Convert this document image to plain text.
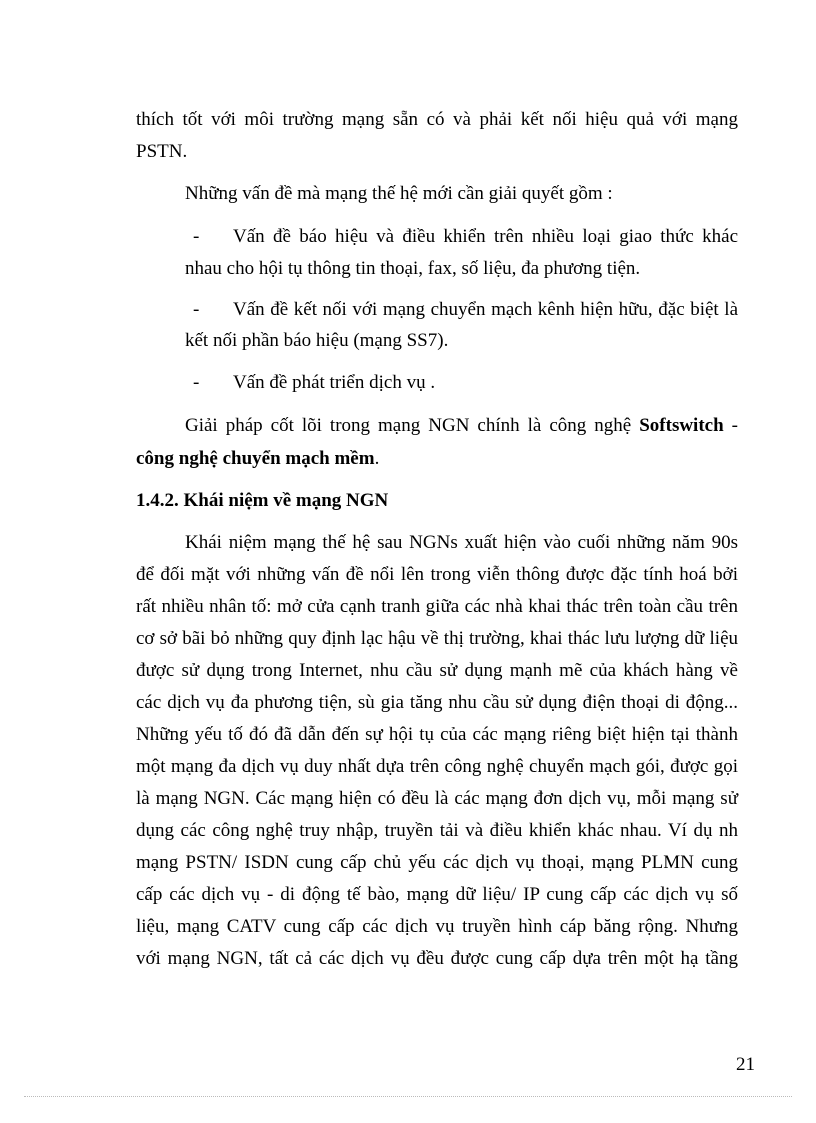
thích tốt với môi trường mạng sẵn có và phải kết nối hiệu quả với mạng
PSTN.
Những vấn đề mà mạng thế hệ mới cần giải quyết gồm :
- Vấn đề báo hiệu và điều khiển trên nhiều loại giao thức khác
nhau cho hội tụ thông tin thoại, fax, số liệu, đa phương tiện.
- Vấn đề kết nối với mạng chuyển mạch kênh hiện hữu, đặc biệt là
kết nối phần báo hiệu (mạng SS7).
- Vấn đề phát triển dịch vụ .
Giải pháp cốt lõi trong mạng NGN chính là công nghệ Softswitch -
công nghệ chuyển mạch mềm.
1.4.2. Khái niệm về mạng NGN
Khái niệm mạng thế hệ sau NGNs xuất hiện vào cuối những năm 90s
để đối mặt với những vấn đề nổi lên trong viễn thông được đặc tính hoá bởi
rất nhiều nhân tố: mở cửa cạnh tranh giữa các nhà khai thác trên toàn cầu trên
cơ sở bãi bỏ những quy định lạc hậu về thị trường, khai thác lưu lượng dữ liệu
được sử dụng trong Internet, nhu cầu sử dụng mạnh mẽ của khách hàng về
các dịch vụ đa phương tiện, sù gia tăng nhu cầu sử dụng điện thoại di động...
Những yếu tố đó đã dẫn đến sự hội tụ của các mạng riêng biệt hiện tại thành
một mạng đa dịch vụ duy nhất dựa trên công nghệ chuyển mạch gói, được gọi
là mạng NGN. Các mạng hiện có đều là các mạng đơn dịch vụ, mỗi mạng sử
dụng các công nghệ truy nhập, truyền tải và điều khiển khác nhau. Ví dụ nh
mạng PSTN/ ISDN cung cấp chủ yếu các dịch vụ thoại, mạng PLMN cung
cấp các dịch vụ - di động tế bào, mạng dữ liệu/ IP cung cấp các dịch vụ số
liệu, mạng CATV cung cấp các dịch vụ truyền hình cáp băng rộng. Nhưng
với mạng NGN, tất cả các dịch vụ đều được cung cấp dựa trên một hạ tầng
21
